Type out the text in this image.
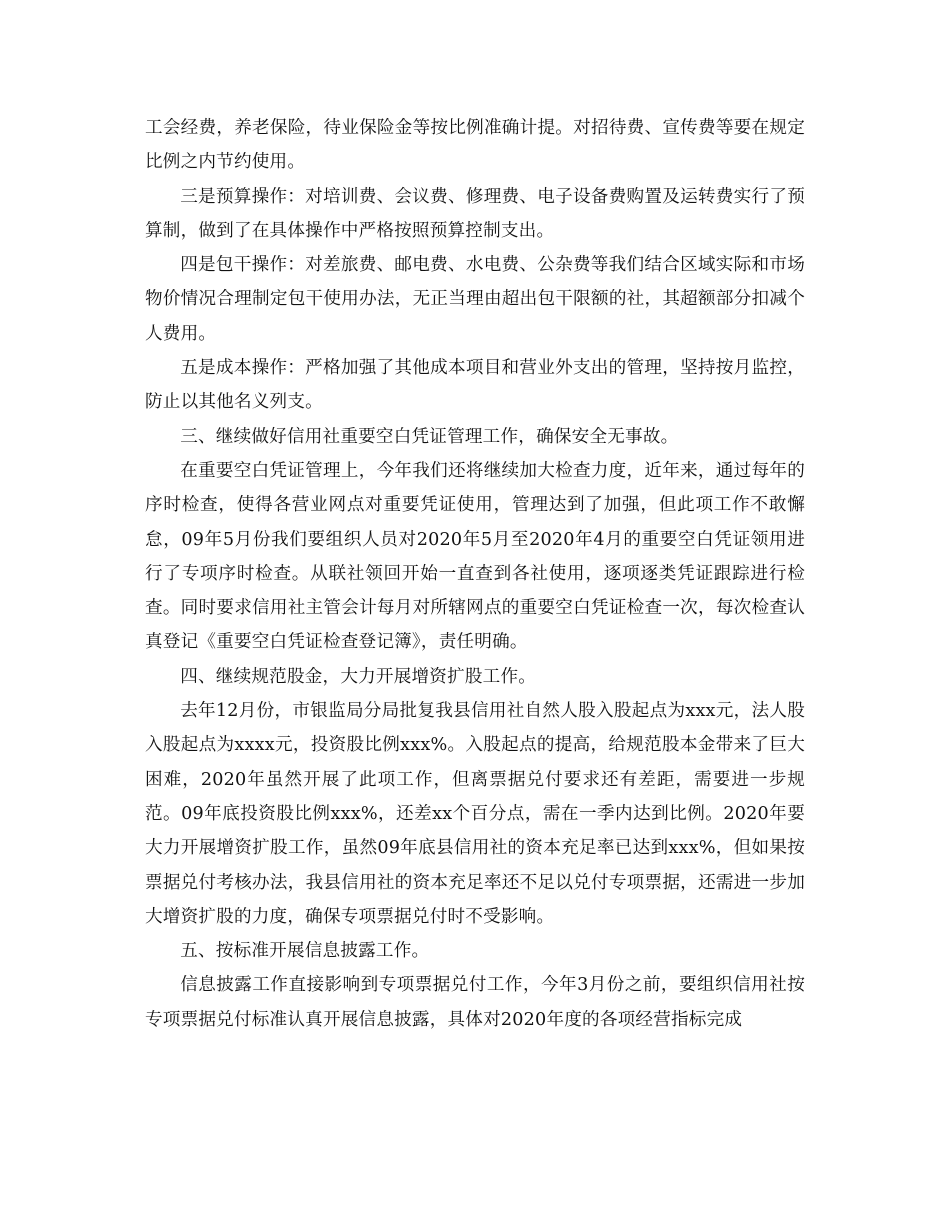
工会经费，养老保险，待业保险金等按比例准确计提。对招待费、宣传费等要在规定比例之内节约使用。

三是预算操作：对培训费、会议费、修理费、电子设备费购置及运转费实行了预算制，做到了在具体操作中严格按照预算控制支出。

四是包干操作：对差旅费、邮电费、水电费、公杂费等我们结合区域实际和市场物价情况合理制定包干使用办法，无正当理由超出包干限额的社，其超额部分扣减个人费用。

五是成本操作：严格加强了其他成本项目和营业外支出的管理，坚持按月监控，防止以其他名义列支。

三、继续做好信用社重要空白凭证管理工作，确保安全无事故。

在重要空白凭证管理上，今年我们还将继续加大检查力度，近年来，通过每年的序时检查，使得各营业网点对重要凭证使用，管理达到了加强，但此项工作不敢懈怠，09年5月份我们要组织人员对2020年5月至2020年4月的重要空白凭证领用进行了专项序时检查。从联社领回开始一直查到各社使用，逐项逐类凭证跟踪进行检查。同时要求信用社主管会计每月对所辖网点的重要空白凭证检查一次，每次检查认真登记《重要空白凭证检查登记簿》，责任明确。

四、继续规范股金，大力开展增资扩股工作。

去年12月份，市银监局分局批复我县信用社自然人股入股起点为xxx元，法人股入股起点为xxxx元，投资股比例xxx%。入股起点的提高，给规范股本金带来了巨大困难，2020年虽然开展了此项工作，但离票据兑付要求还有差距，需要进一步规范。09年底投资股比例xxx%，还差xx个百分点，需在一季内达到比例。2020年要大力开展增资扩股工作，虽然09年底县信用社的资本充足率已达到xxx%，但如果按票据兑付考核办法，我县信用社的资本充足率还不足以兑付专项票据，还需进一步加大增资扩股的力度，确保专项票据兑付时不受影响。

五、按标准开展信息披露工作。

信息披露工作直接影响到专项票据兑付工作，今年3月份之前，要组织信用社按专项票据兑付标准认真开展信息披露，具体对2020年度的各项经营指标完成
